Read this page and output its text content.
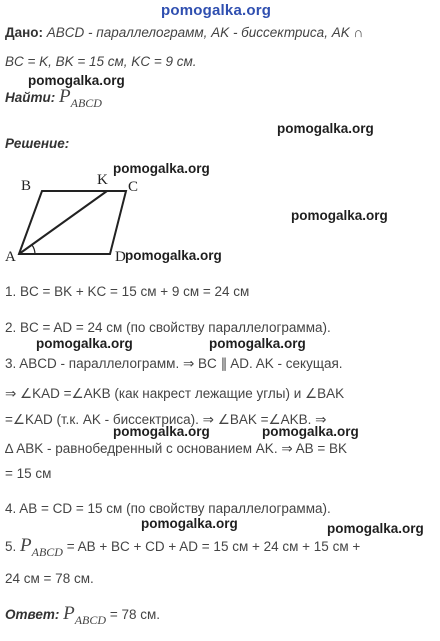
pomogalka.org
Дано: ABCD - параллелограмм, AK - биссектриса, AK ∩
BC = K, BK = 15 см, KC = 9 см.
pomogalka.org
Найти: PABCD
pomogalka.org
Решение:
B	K C
A	D
pomogalka.org
pomogalka.org
pomogalka.org
1. BC = BK + KC = 15 см + 9 см = 24 см
2. BC = AD = 24 см (по свойству параллелограмма).
pomogalka.org	pomogalka.org
3. ABCD - параллелограмм. ⇒ BC ∥ AD. AK - секущая.
⇒ ∠KAD =∠AKB (как накрест лежащие углы) и ∠BAK
=∠KAD (т.к. AK - биссектриса). ⇒ ∠BAK =∠AKB. ⇒
pomogalka.org	pomogalka.org
∆ ABK - равнобедренный с основанием AK. ⇒ AB = BK
= 15 см
4. AB = CD = 15 см (по свойству параллелограмма).
pomogalka.org	pomogalka.org
5. PABCD = AB + BC + CD + AD = 15 см + 24 см + 15 см +
24 см = 78 см.
Ответ: PABCD = 78 см.
